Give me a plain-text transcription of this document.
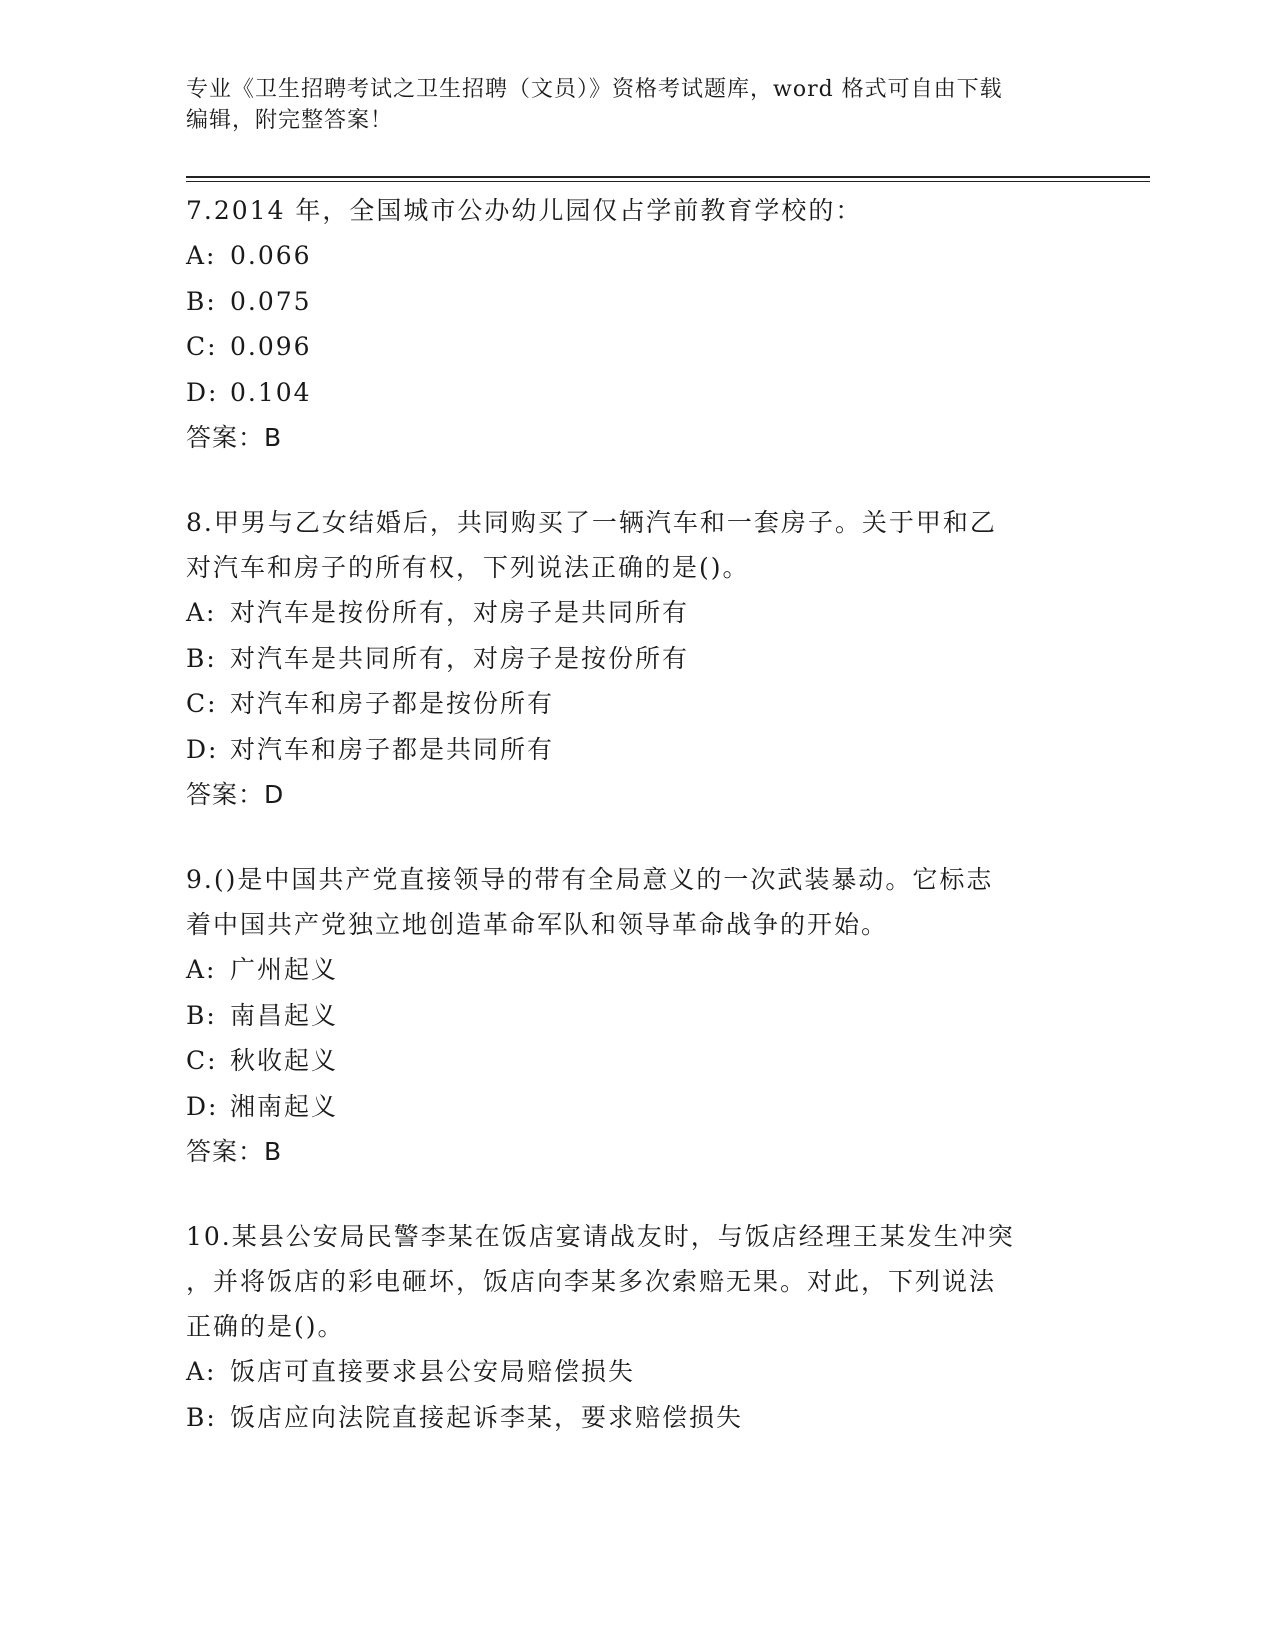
专业《卫生招聘考试之卫生招聘（文员）》资格考试题库，word 格式可自由下载
编辑，附完整答案！
7.2014 年，全国城市公办幼儿园仅占学前教育学校的：
A: 0.066
B: 0.075
C: 0.096
D: 0.104
答案：B
8.甲男与乙女结婚后，共同购买了一辆汽车和一套房子。关于甲和乙
对汽车和房子的所有权，下列说法正确的是()。
A: 对汽车是按份所有，对房子是共同所有
B: 对汽车是共同所有，对房子是按份所有
C: 对汽车和房子都是按份所有
D: 对汽车和房子都是共同所有
答案：D
9.()是中国共产党直接领导的带有全局意义的一次武装暴动。它标志
着中国共产党独立地创造革命军队和领导革命战争的开始。
A: 广州起义
B: 南昌起义
C: 秋收起义
D: 湘南起义
答案：B
10.某县公安局民警李某在饭店宴请战友时，与饭店经理王某发生冲突
，并将饭店的彩电砸坏，饭店向李某多次索赔无果。对此，下列说法
正确的是()。
A: 饭店可直接要求县公安局赔偿损失
B: 饭店应向法院直接起诉李某，要求赔偿损失
